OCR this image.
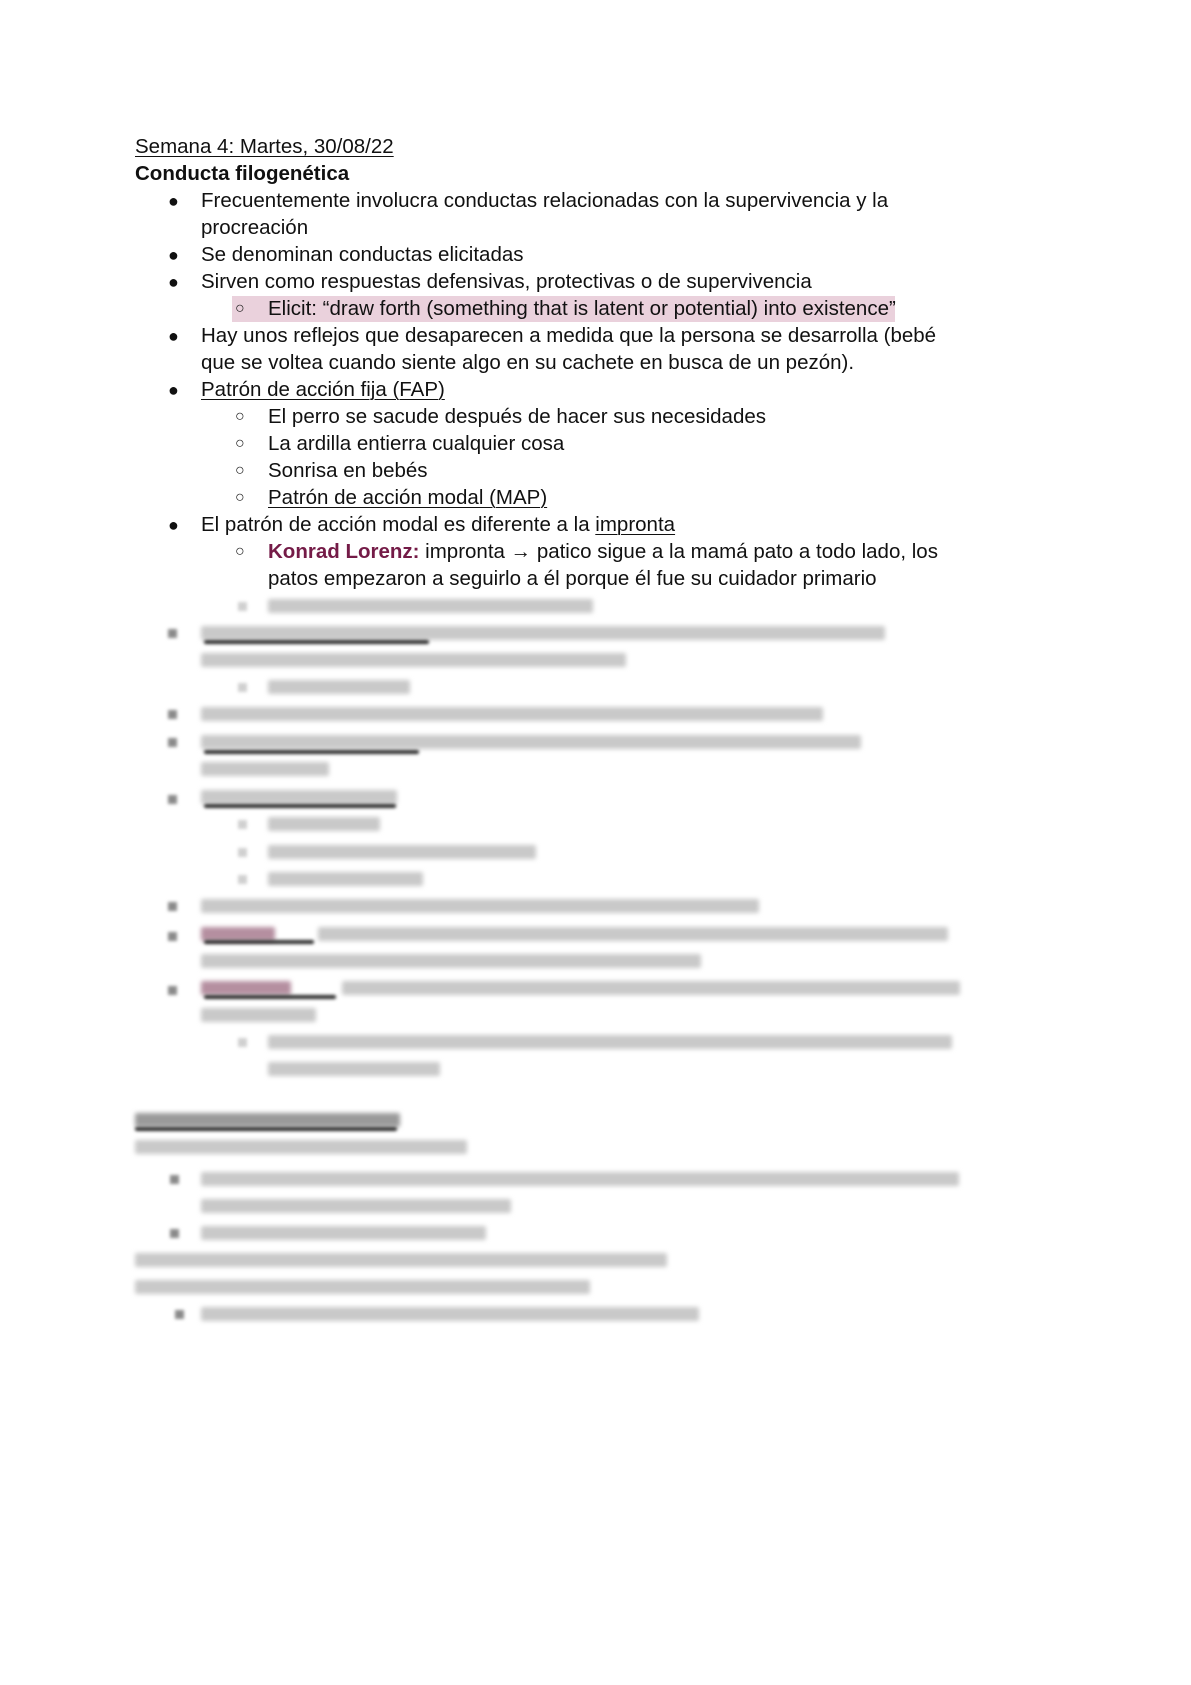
Semana 4: Martes, 30/08/22
Conducta filogenética
● Frecuentemente involucra conductas relacionadas con la supervivencia y la
procreación
● Se denominan conductas elicitadas
● Sirven como respuestas defensivas, protectivas o de supervivencia
○ Elicit: “draw forth (something that is latent or potential) into existence”
● Hay unos reflejos que desaparecen a medida que la persona se desarrolla (bebé
que se voltea cuando siente algo en su cachete en busca de un pezón).
● Patrón de acción fija (FAP)
○ El perro se sacude después de hacer sus necesidades
○ La ardilla entierra cualquier cosa
○ Sonrisa en bebés
○ Patrón de acción modal (MAP)
● El patrón de acción modal es diferente a la impronta
○ Konrad Lorenz: impronta → patico sigue a la mamá pato a todo lado, los
patos empezaron a seguirlo a él porque él fue su cuidador primario
